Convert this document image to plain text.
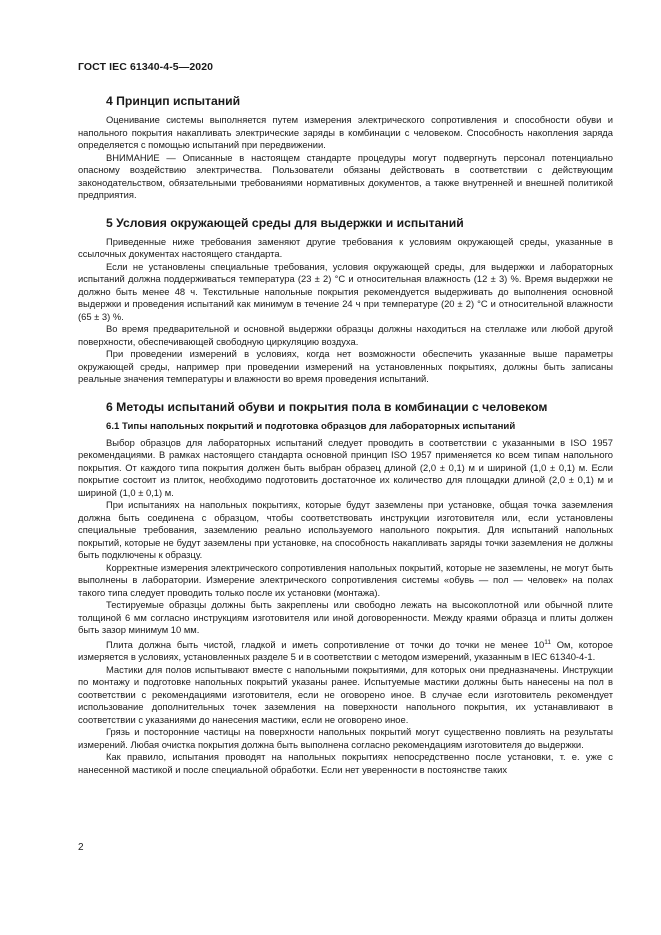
ГОСТ IEC 61340-4-5—2020
4 Принцип испытаний

Оценивание системы выполняется путем измерения электрического сопротивления и способности обуви и напольного покрытия накапливать электрические заряды в комбинации с человеком. Способность накопления заряда определяется с помощью испытаний при передвижении.

ВНИМАНИЕ — Описанные в настоящем стандарте процедуры могут подвергнуть персонал потенциально опасному воздействию электричества. Пользователи обязаны действовать в соответствии с действующим законодательством, обязательными требованиями нормативных документов, а также внутренней и внешней политикой предприятия.

5 Условия окружающей среды для выдержки и испытаний

Приведенные ниже требования заменяют другие требования к условиям окружающей среды, указанные в ссылочных документах настоящего стандарта.

Если не установлены специальные требования, условия окружающей среды, для выдержки и лабораторных испытаний должна поддерживаться температура (23 ± 2) °С и относительная влажность (12 ± 3) %. Время выдержки не должно быть менее 48 ч. Текстильные напольные покрытия рекомендуется выдерживать до выполнения основной выдержки и проведения испытаний как минимум в течение 24 ч при температуре (20 ± 2) °С и относительной влажности (65 ± 3) %.

Во время предварительной и основной выдержки образцы должны находиться на стеллаже или любой другой поверхности, обеспечивающей свободную циркуляцию воздуха.

При проведении измерений в условиях, когда нет возможности обеспечить указанные выше параметры окружающей среды, например при проведении измерений на установленных покрытиях, должны быть записаны реальные значения температуры и влажности во время проведения испытаний.

6 Методы испытаний обуви и покрытия пола в комбинации с человеком
6.1 Типы напольных покрытий и подготовка образцов для лабораторных испытаний

Выбор образцов для лабораторных испытаний следует проводить в соответствии с указанными в ISO 1957 рекомендациями. В рамках настоящего стандарта основной принцип ISO 1957 применяется ко всем типам напольного покрытия. От каждого типа покрытия должен быть выбран образец длиной (2,0 ± 0,1) м и шириной (1,0 ± 0,1) м. Если покрытие состоит из плиток, необходимо подготовить достаточное их количество для площадки длиной (2,0 ± 0,1) м и шириной (1,0 ± 0,1) м.

При испытаниях на напольных покрытиях, которые будут заземлены при установке, общая точка заземления должна быть соединена с образцом, чтобы соответствовать инструкции изготовителя или, если установлены специальные требования, заземлению реально используемого напольного покрытия. Для испытаний напольных покрытий, которые не будут заземлены при установке, на способность накапливать заряды точки заземления не должны быть подключены к образцу.

Корректные измерения электрического сопротивления напольных покрытий, которые не заземлены, не могут быть выполнены в лаборатории. Измерение электрического сопротивления системы «обувь — пол — человек» на полах такого типа следует проводить только после их установки (монтажа).

Тестируемые образцы должны быть закреплены или свободно лежать на высокоплотной или обычной плите толщиной 6 мм согласно инструкциям изготовителя или иной договоренности. Между краями образца и плиты должен быть зазор минимум 10 мм.

Плита должна быть чистой, гладкой и иметь сопротивление от точки до точки не менее $10^{11}$ Ом, которое измеряется в условиях, установленных разделе 5 и в соответствии с методом измерений, указанным в IEC 61340-4-1.

Мастики для полов испытывают вместе с напольными покрытиями, для которых они предназначены. Инструкции по монтажу и подготовке напольных покрытий указаны ранее. Испытуемые мастики должны быть нанесены на пол в соответствии с рекомендациями изготовителя, если не оговорено иное. В случае если изготовитель рекомендует использование дополнительных точек заземления на поверхности напольного покрытия, их устанавливают в соответствии с указаниями до нанесения мастики, если не оговорено иное.

Грязь и посторонние частицы на поверхности напольных покрытий могут существенно повлиять на результаты измерений. Любая очистка покрытия должна быть выполнена согласно рекомендациям изготовителя до выдержки.

Как правило, испытания проводят на напольных покрытиях непосредственно после установки, т. е. уже с нанесенной мастикой и после специальной обработки. Если нет уверенности в постоянстве таких

2
